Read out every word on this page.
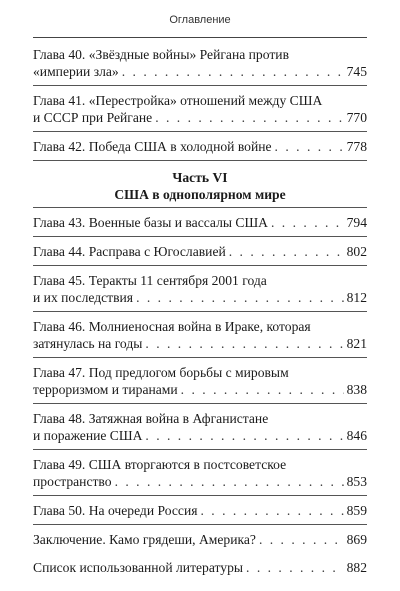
Оглавление
Глава 40. «Звёздные войны» Рейгана против
«империи зла» . . .	745
Глава 41. «Перестройка» отношений между США
и СССР при Рейгане . . .	770
Глава 42. Победа США в холодной войне . . .	778
Часть VI
США в однополярном мире
Глава 43. Военные базы и вассалы США . . .	794
Глава 44. Расправа с Югославией . . .	802
Глава 45. Теракты 11 сентября 2001 года
и их последствия . . .	812
Глава 46. Молниеносная война в Ираке, которая
затянулась на годы . . .	821
Глава 47. Под предлогом борьбы с мировым
терроризмом и тиранами . . .	838
Глава 48. Затяжная война в Афганистане
и поражение США . . .	846
Глава 49. США вторгаются в постсоветское
пространство . . .	853
Глава 50. На очереди Россия . . .	859
Заключение. Камо грядеши, Америка? . . .	869
Список использованной литературы . . .	882
